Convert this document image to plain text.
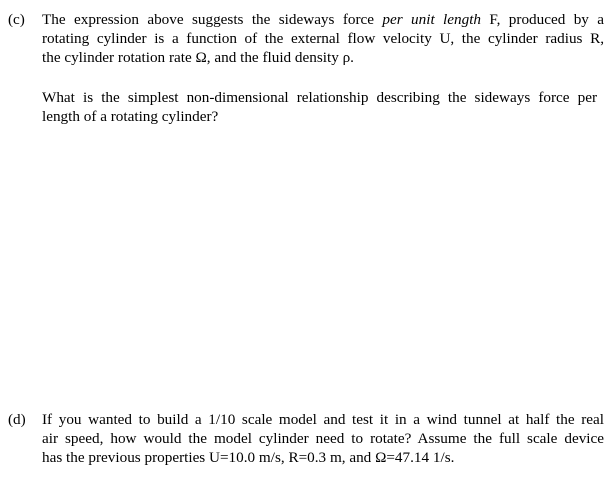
(c) The expression above suggests the sideways force per unit length F, produced by a
rotating cylinder is a function of the external flow velocity U, the cylinder radius R,
the cylinder rotation rate Ω, and the fluid density ρ.
What is the simplest non-dimensional relationship describing the sideways force per
length of a rotating cylinder?
(d) If you wanted to build a 1/10 scale model and test it in a wind tunnel at half the real
air speed, how would the model cylinder need to rotate? Assume the full scale device
has the previous properties U=10.0 m/s, R=0.3 m, and Ω=47.14 1/s.
